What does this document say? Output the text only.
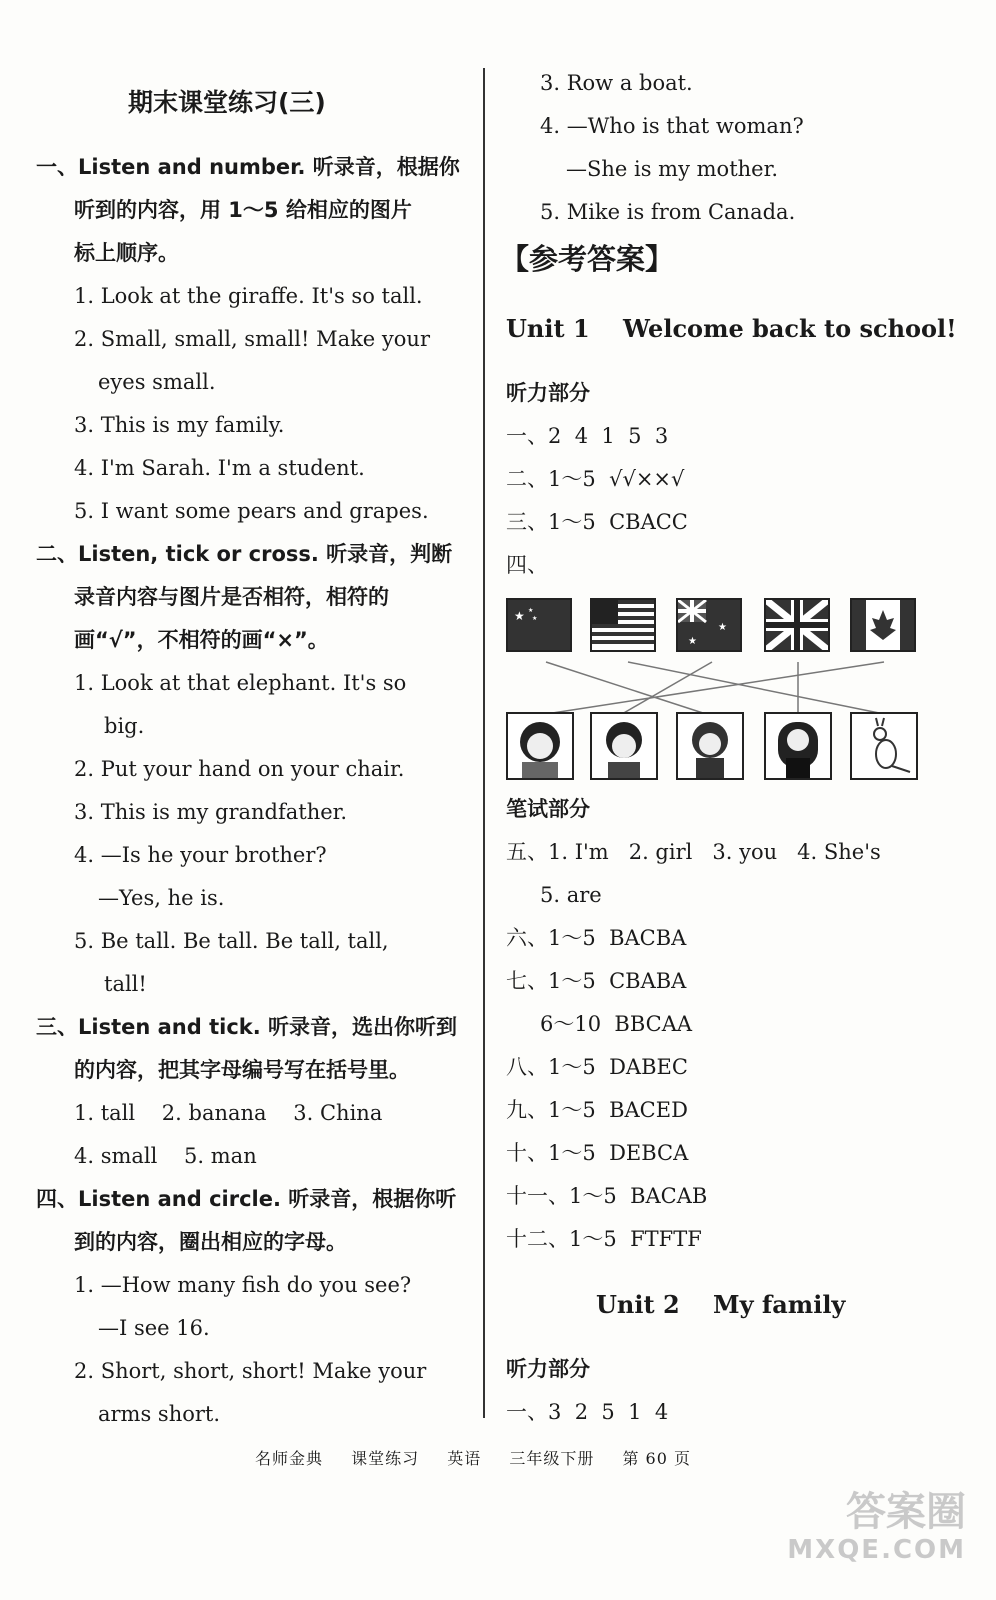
期末课堂练习(三)
一、Listen and number. 听录音，根据你
听到的内容，用 1～5 给相应的图片
标上顺序。
1. Look at the giraffe. It's so tall.
2. Small, small, small! Make your
eyes small.
3. This is my family.
4. I'm Sarah. I'm a student.
5. I want some pears and grapes.
二、Listen, tick or cross. 听录音，判断
录音内容与图片是否相符，相符的
画“√”，不相符的画“×”。
1. Look at that elephant. It's so
big.
2. Put your hand on your chair.
3. This is my grandfather.
4. —Is he your brother?
—Yes, he is.
5. Be tall. Be tall. Be tall, tall,
tall!
三、Listen and tick. 听录音，选出你听到
的内容，把其字母编号写在括号里。
1. tall    2. banana    3. China
4. small    5. man
四、Listen and circle. 听录音，根据你听
到的内容，圈出相应的字母。
1. —How many fish do you see?
—I see 16.
2. Short, short, short! Make your
arms short.
3. Row a boat.
4. —Who is that woman?
—She is my mother.
5. Mike is from Canada.
【参考答案】
Unit 1    Welcome back to school!
听力部分
一、2  4  1  5  3
二、1～5  √√××√
三、1～5  CBACC
四、
★ ★
★
★
★
笔试部分
五、1. I'm   2. girl   3. you   4. She's
5. are
六、1～5  BACBA
七、1～5  CBABA
6～10  BBCAA
八、1～5  DABEC
九、1～5  BACED
十、1～5  DEBCA
十一、1～5  BACAB
十二、1～5  FTFTF
Unit 2    My family
听力部分
一、3  2  5  1  4
名师金典 课堂练习 英语 三年级下册 第 60 页
答案圈
MXQE.COM
